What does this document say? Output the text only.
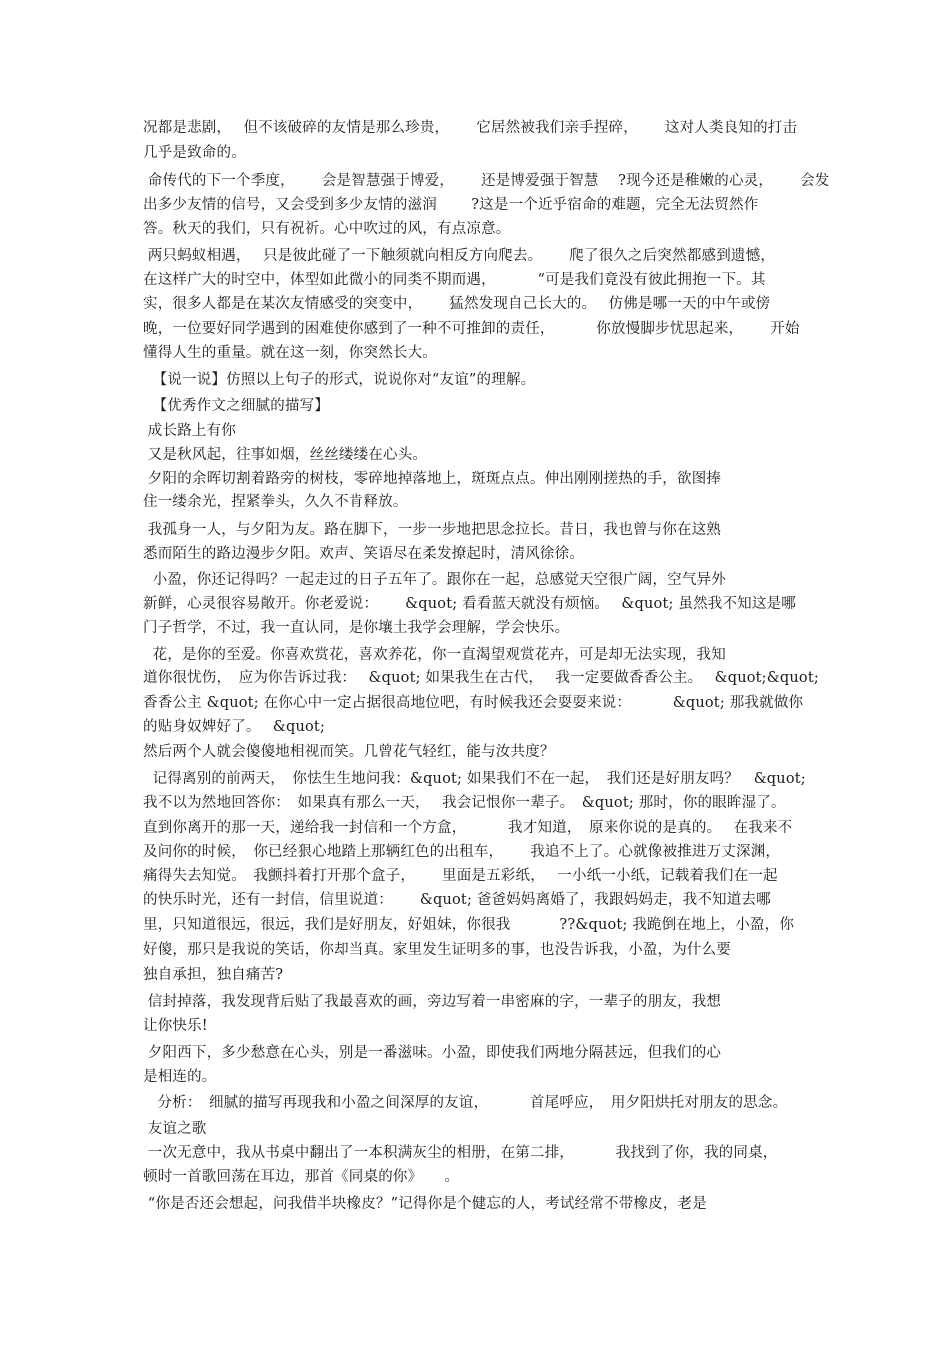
况都是悲剧，　 但不该破碎的友情是那么珍贵，　　 它居然被我们亲手捏碎，　　 这对人类良知的打击
几乎是致命的。
命传代的下一个季度，　　 会是智慧强于博爱，　　 还是博爱强于智慧　 ?现今还是稚嫩的心灵，　　 会发
出多少友情的信号，又会受到多少友情的滋润　　 ?这是一个近乎宿命的难题，完全无法贸然作
答。秋天的我们，只有祝祈。心中吹过的风，有点凉意。
两只蚂蚁相遇，　 只是彼此碰了一下触须就向相反方向爬去。　　 爬了很久之后突然都感到遗憾，
在这样广大的时空中，体型如此微小的同类不期而遇，　　　 “可是我们竟没有彼此拥抱一下。其
实，很多人都是在某次友情感受的突变中，　　 猛然发现自己长大的。　 仿佛是哪一天的中午或傍
晚，一位要好同学遇到的困难使你感到了一种不可推卸的责任，　　　 你放慢脚步忧思起来，　　 开始
懂得人生的重量。就在这一刻，你突然长大。
【说一说】仿照以上句子的形式，说说你对“友谊”的理解。
【优秀作文之细腻的描写】
成长路上有你
又是秋风起，往事如烟，丝丝缕缕在心头。
夕阳的余晖切割着路旁的树枝，零碎地掉落地上，斑斑点点。伸出刚刚搓热的手，欲图捧
住一缕余光，捏紧拳头，久久不肯释放。
我孤身一人，与夕阳为友。路在脚下，一步一步地把思念拉长。昔日，我也曾与你在这熟
悉而陌生的路边漫步夕阳。欢声、笑语尽在柔发撩起时，清风徐徐。
小盈，你还记得吗？一起走过的日子五年了。跟你在一起，总感觉天空很广阔，空气异外
新鲜，心灵很容易敞开。你老爱说：　　 &quot; 看看蓝天就没有烦恼。　 &quot; 虽然我不知这是哪
门子哲学，不过，我一直认同，是你壤土我学会理解，学会快乐。
花，是你的至爱。你喜欢赏花，喜欢养花，你一直渴望观赏花卉，可是却无法实现，我知
道你很忧伤，　应为你告诉过我：　 &quot; 如果我生在古代，　 我一定要做香香公主。　 &quot;&quot;
香香公主 &quot; 在你心中一定占据很高地位吧，有时候我还会耍耍来说：　　　 &quot; 那我就做你
的贴身奴婢好了。　 &quot;
然后两个人就会傻傻地相视而笑。几曾花气轻红，能与汝共度？
记得离别的前两天，　你怯生生地问我：&quot; 如果我们不在一起，　我们还是好朋友吗？　&quot;
我不以为然地回答你：　如果真有那么一天，　 我会记恨你一辈子。　&quot; 那时，你的眼眸湿了。
直到你离开的那一天，递给我一封信和一个方盒，　　　 我才知道，　原来你说的是真的。　 在我来不
及问你的时候，　你已经狠心地踏上那辆红色的出租车，　　 我追不上了。心就像被推进万丈深渊，
痛得失去知觉。　我颤抖着打开那个盒子，　　 里面是五彩纸，　 一小纸一小纸，记载着我们在一起
的快乐时光，还有一封信，信里说道：　　 &quot; 爸爸妈妈离婚了，我跟妈妈走，我不知道去哪
里，只知道很远，很远，我们是好朋友，好姐妹，你很我　　　 ??&quot; 我跪倒在地上，小盈，你
好傻，那只是我说的笑话，你却当真。家里发生证明多的事，也没告诉我，小盈，为什么要
独自承担，独自痛苦?
信封掉落，我发现背后贴了我最喜欢的画，旁边写着一串密麻的字，一辈子的朋友，我想
让你快乐!
夕阳西下，多少愁意在心头，别是一番滋味。小盈，即使我们两地分隔甚远，但我们的心
是相连的。
分析：　细腻的描写再现我和小盈之间深厚的友谊，　　　 首尾呼应，　用夕阳烘托对朋友的思念。
友谊之歌
一次无意中，我从书桌中翻出了一本积满灰尘的相册，在第二排，　　　 我找到了你，我的同桌，
顿时一首歌回荡在耳边，那首《同桌的你》　　。
“你是否还会想起，问我借半块橡皮？”记得你是个健忘的人，考试经常不带橡皮，老是
